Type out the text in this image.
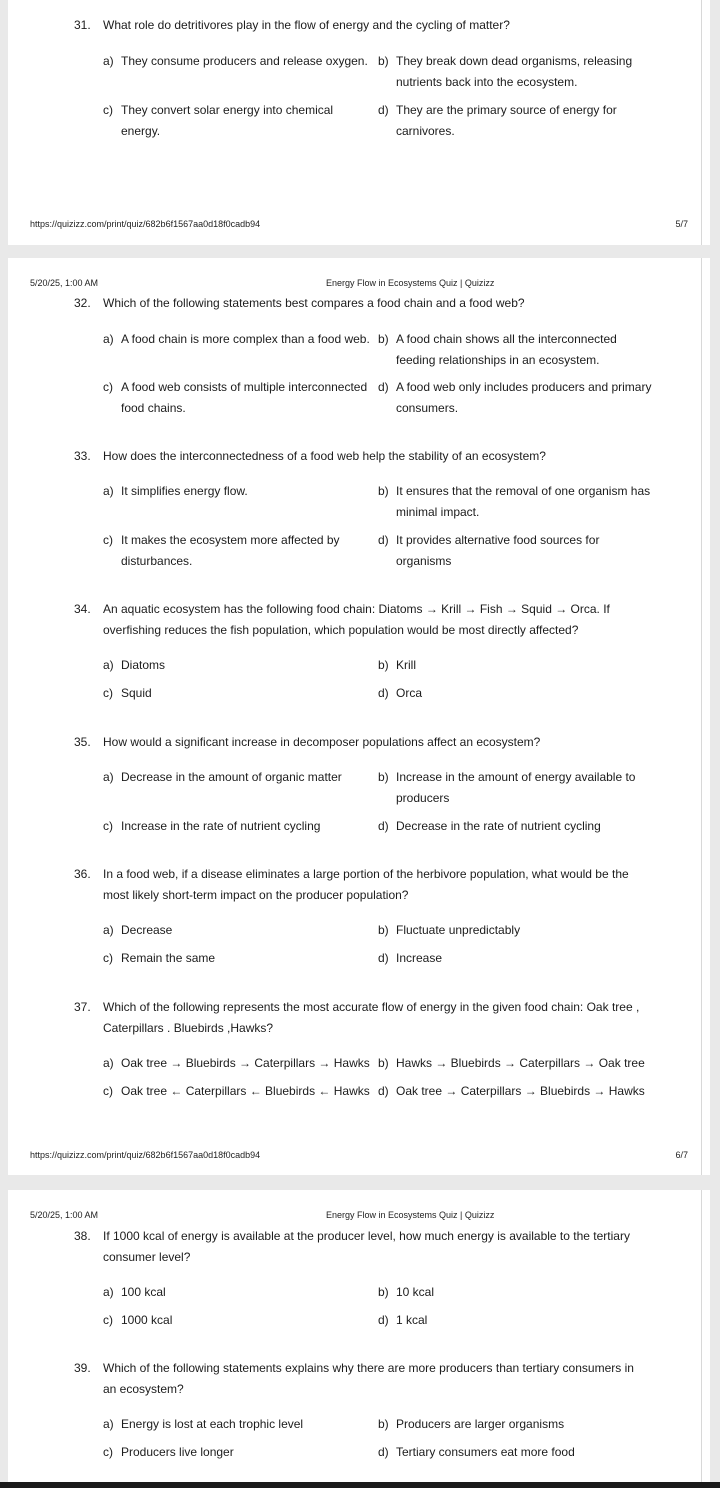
31. What role do detritivores play in the flow of energy and the cycling of matter?
a) They consume producers and release oxygen. b) They break down dead organisms, releasing nutrients back into the ecosystem.
c) They convert solar energy into chemical energy.
d) They are the primary source of energy for carnivores.
https://quizizz.com/print/quiz/682b6f1567aa0d18f0cadb94	5/7
5/20/25, 1:00 AM	Energy Flow in Ecosystems Quiz | Quizizz
32. Which of the following statements best compares a food chain and a food web?
a) A food chain is more complex than a food web. b) A food chain shows all the interconnected feeding relationships in an ecosystem.
c) A food web consists of multiple interconnected food chains.
d) A food web only includes producers and primary consumers.
33. How does the interconnectedness of a food web help the stability of an ecosystem?
a) It simplifies energy flow.	b) It ensures that the removal of one organism has minimal impact.
c) It makes the ecosystem more affected by disturbances.
d) It provides alternative food sources for organisms
34. An aquatic ecosystem has the following food chain: Diatoms → Krill → Fish → Squid → Orca. If overfishing reduces the fish population, which population would be most directly affected?
a) Diatoms	b) Krill
c) Squid	d) Orca
35. How would a significant increase in decomposer populations affect an ecosystem?
a) Decrease in the amount of organic matter	b) Increase in the amount of energy available to producers
c) Increase in the rate of nutrient cycling	d) Decrease in the rate of nutrient cycling
36. In a food web, if a disease eliminates a large portion of the herbivore population, what would be the most likely short-term impact on the producer population?
a) Decrease	b) Fluctuate unpredictably
c) Remain the same	d) Increase
37. Which of the following represents the most accurate flow of energy in the given food chain: Oak tree , Caterpillars . Bluebirds ,Hawks?
a) Oak tree → Bluebirds → Caterpillars → Hawks b) Hawks → Bluebirds → Caterpillars → Oak tree
c) Oak tree ← Caterpillars ← Bluebirds ← Hawks d) Oak tree → Caterpillars → Bluebirds → Hawks
https://quizizz.com/print/quiz/682b6f1567aa0d18f0cadb94	6/7
5/20/25, 1:00 AM	Energy Flow in Ecosystems Quiz | Quizizz
38. If 1000 kcal of energy is available at the producer level, how much energy is available to the tertiary consumer level?
a) 100 kcal	b) 10 kcal
c) 1000 kcal	d) 1 kcal
39. Which of the following statements explains why there are more producers than tertiary consumers in an ecosystem?
a) Energy is lost at each trophic level	b) Producers are larger organisms
c) Producers live longer	d) Tertiary consumers eat more food
